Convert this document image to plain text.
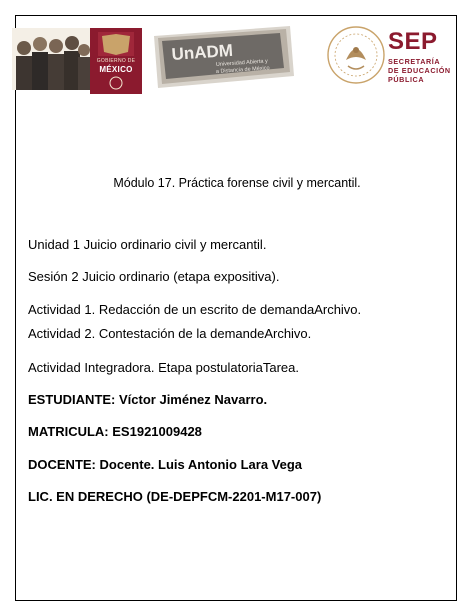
GOBIERNO DE
MÉXICO
UnADM
Universidad Abierta y
a Distancia de México
SEP
SECRETARÍA
DE EDUCACIÓN
PÚBLICA
Módulo 17. Práctica forense civil y mercantil.
Unidad 1 Juicio ordinario civil y mercantil.
Sesión 2 Juicio ordinario (etapa expositiva).
Actividad 1. Redacción de un escrito de demandaArchivo.
Actividad 2. Contestación de la demandeArchivo.
Actividad Integradora. Etapa postulatoriaTarea.
ESTUDIANTE: Víctor Jiménez Navarro.
MATRICULA: ES1921009428
DOCENTE: Docente. Luis Antonio Lara Vega
LIC. EN DERECHO (DE-DEPFCM-2201-M17-007)
